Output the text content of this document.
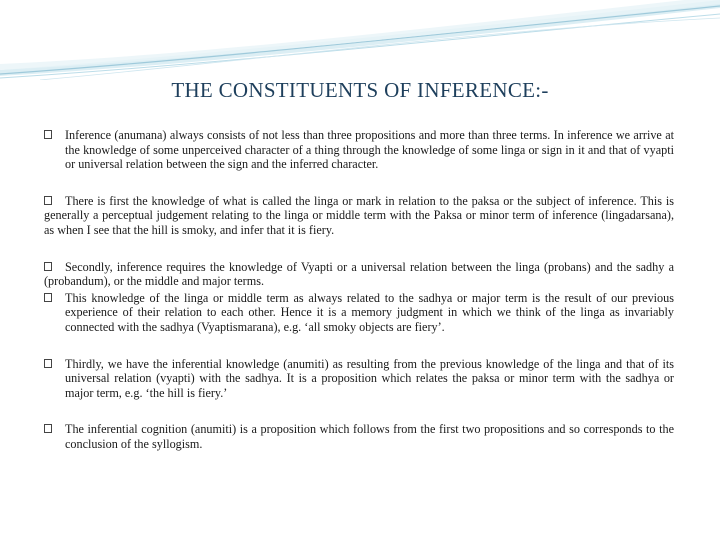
THE CONSTITUENTS OF INFERENCE:-
Inference (anumana) always consists of not less than three propositions and more than three terms. In inference we arrive at the knowledge of some unperceived character of a thing through the knowledge of some linga or sign in it and that of vyapti or universal relation between the sign and the inferred character.
There is first the knowledge of what is called the linga or mark in relation to the paksa or the subject of inference. This is generally a perceptual judgement relating to the linga or middle term with the Paksa or minor term of inference (lingadarsana), as when I see that the hill is smoky, and infer that it is fiery.
Secondly, inference requires the knowledge of Vyapti or a universal relation between the linga (probans) and the sadhy a (probandum), or the middle and major terms.
This knowledge of the linga or middle term as always related to the sadhya or major term is the result of our previous experience of their relation to each other. Hence it is a memory judgment in which we think of the linga as invariably connected with the sadhya (Vyaptismarana), e.g. ‘all smoky objects are fiery’.
Thirdly, we have the inferential knowledge (anumiti) as resulting from the previous knowledge of the linga and that of its universal relation (vyapti) with the sadhya. It is a proposition which relates the paksa or minor term with the sadhya or major term, e.g. ‘the hill is fiery.’
The inferential cognition (anumiti) is a proposition which follows from the first two propositions and so corresponds to the conclusion of the syllogism.
